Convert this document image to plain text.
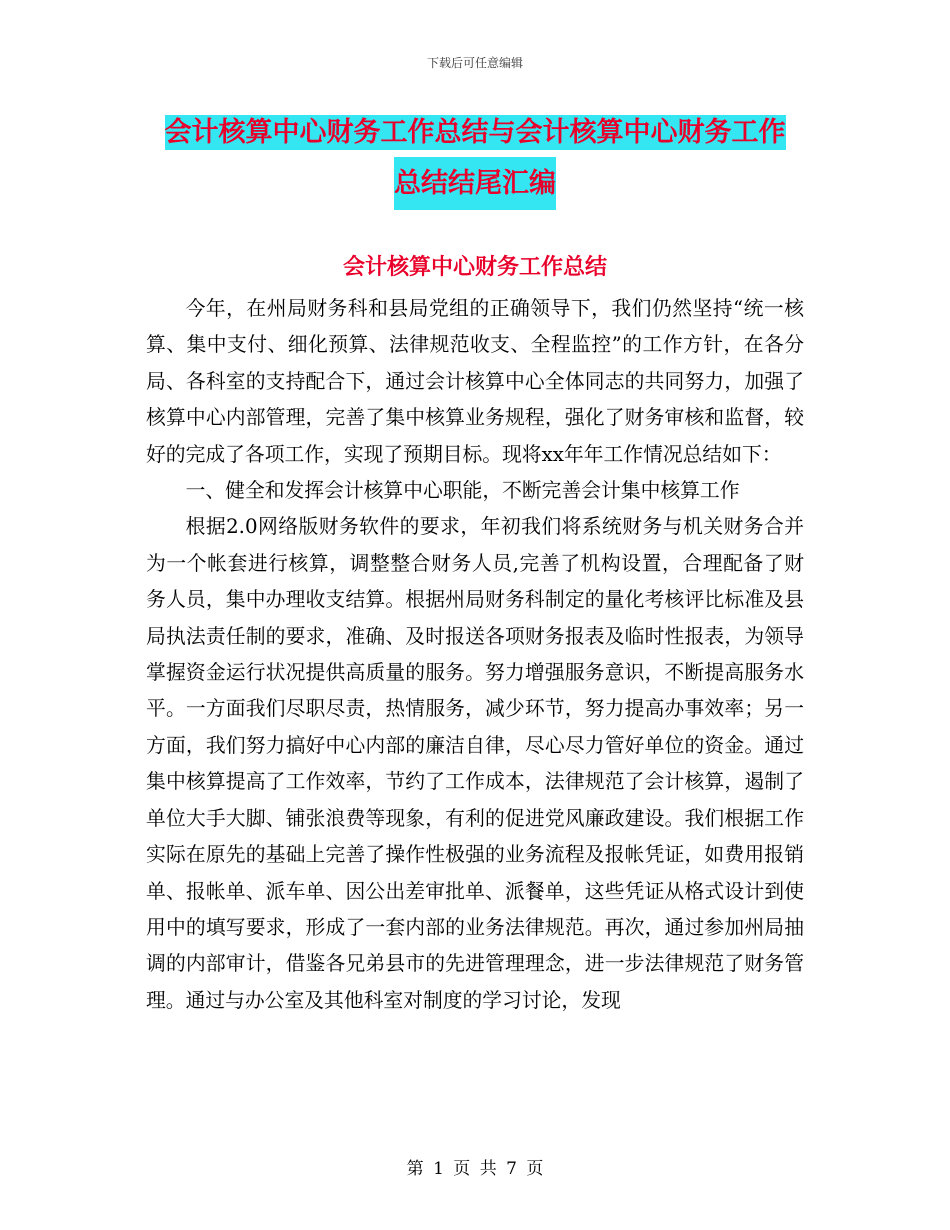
下载后可任意编辑
会计核算中心财务工作总结与会计核算中心财务工作
总结结尾汇编
会计核算中心财务工作总结

今年，在州局财务科和县局党组的正确领导下，我们仍然坚持“统一核算、集中支付、细化预算、法律规范收支、全程监控”的工作方针，在各分局、各科室的支持配合下，通过会计核算中心全体同志的共同努力，加强了核算中心内部管理，完善了集中核算业务规程，强化了财务审核和监督，较好的完成了各项工作，实现了预期目标。现将xx年年工作情况总结如下：

一、健全和发挥会计核算中心职能，不断完善会计集中核算工作

根据2.0网络版财务软件的要求，年初我们将系统财务与机关财务合并为一个帐套进行核算，调整整合财务人员,完善了机构设置，合理配备了财务人员，集中办理收支结算。根据州局财务科制定的量化考核评比标准及县局执法责任制的要求，准确、及时报送各项财务报表及临时性报表，为领导掌握资金运行状况提供高质量的服务。努力增强服务意识，不断提高服务水平。一方面我们尽职尽责，热情服务，减少环节，努力提高办事效率；另一方面，我们努力搞好中心内部的廉洁自律，尽心尽力管好单位的资金。通过集中核算提高了工作效率，节约了工作成本，法律规范了会计核算，遏制了单位大手大脚、铺张浪费等现象，有利的促进党风廉政建设。我们根据工作实际在原先的基础上完善了操作性极强的业务流程及报帐凭证，如费用报销单、报帐单、派车单、因公出差审批单、派餐单，这些凭证从格式设计到使用中的填写要求，形成了一套内部的业务法律规范。再次，通过参加州局抽调的内部审计，借鉴各兄弟县市的先进管理理念，进一步法律规范了财务管理。通过与办公室及其他科室对制度的学习讨论，发现

第 1 页 共 7 页
